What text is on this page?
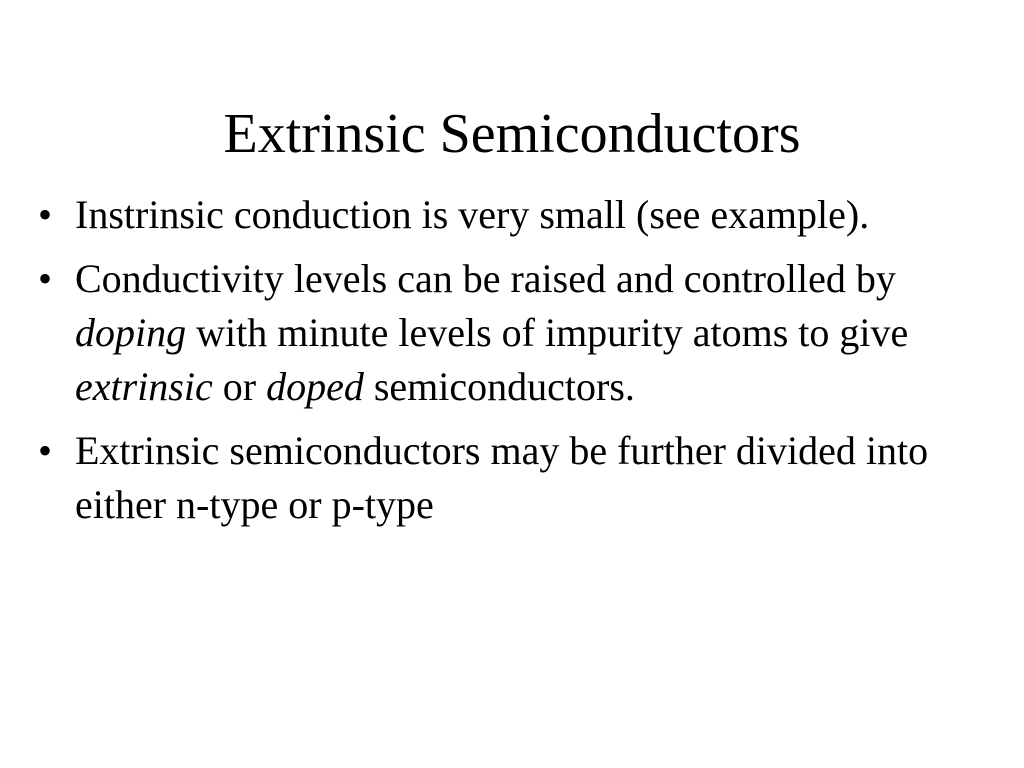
Extrinsic Semiconductors
• Instrinsic conduction is very small (see example).
• Conductivity levels can be raised and controlled by doping with minute levels of impurity atoms to give extrinsic or doped semiconductors.
• Extrinsic semiconductors may be further divided into either n-type or p-type
